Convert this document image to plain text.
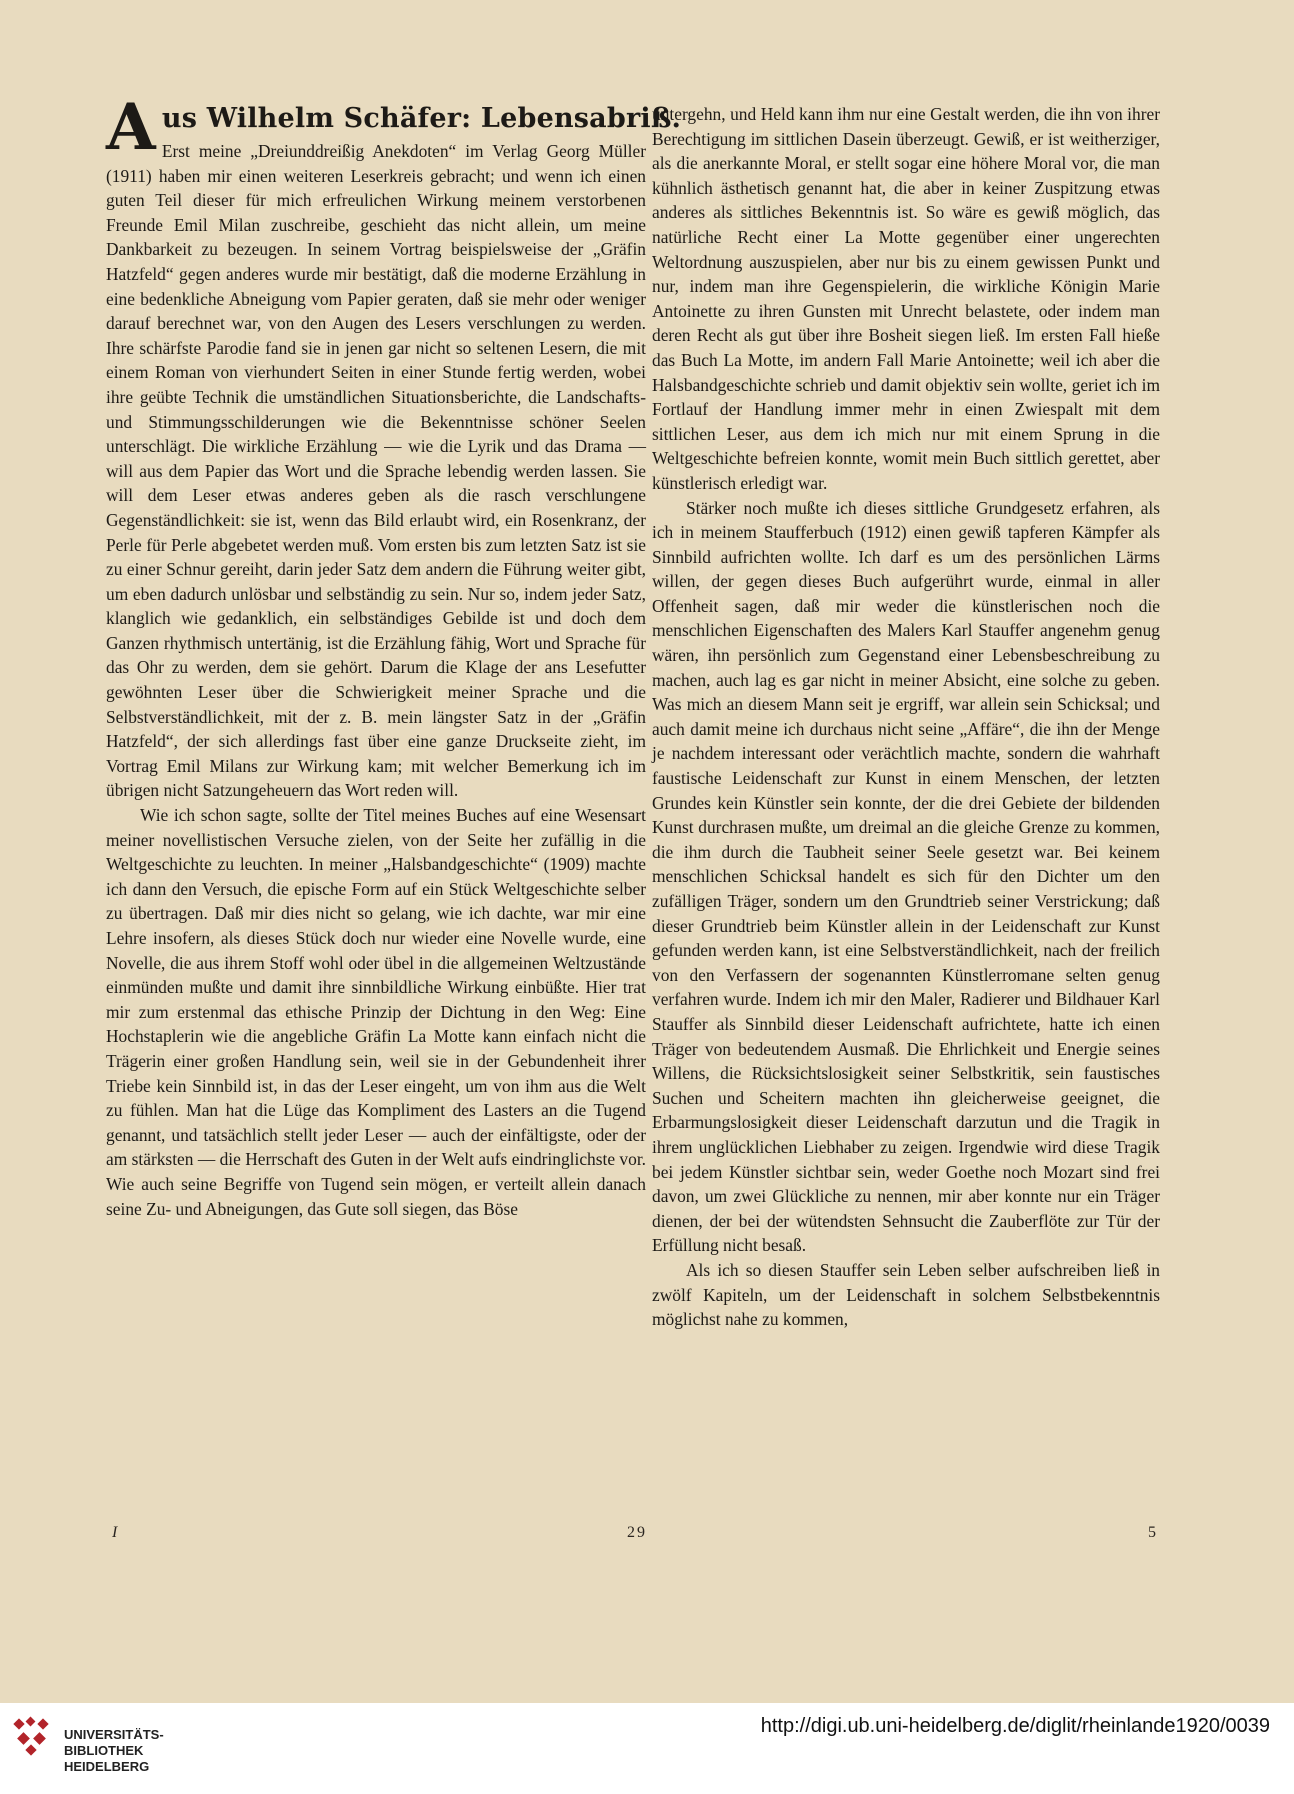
Aus Wilhelm Schäfer: Lebensabriß.

Erst meine „Dreiunddreißig Anekdoten“ im Verlag Georg Müller (1911) haben mir einen weiteren Leserkreis gebracht; und wenn ich einen guten Teil dieser für mich erfreulichen Wirkung meinem verstorbenen Freunde Emil Milan zuschreibe, geschieht das nicht allein, um meine Dankbarkeit zu bezeugen. In seinem Vortrag beispielsweise der „Gräfin Hatzfeld“ gegen anderes wurde mir bestätigt, daß die moderne Erzählung in eine bedenkliche Abneigung vom Papier geraten, daß sie mehr oder weniger darauf berechnet war, von den Augen des Lesers verschlungen zu werden. Ihre schärfste Parodie fand sie in jenen gar nicht so seltenen Lesern, die mit einem Roman von vierhundert Seiten in einer Stunde fertig werden, wobei ihre geübte Technik die umständlichen Situationsberichte, die Landschafts- und Stimmungsschilderungen wie die Bekenntnisse schöner Seelen unterschlägt. Die wirkliche Erzählung — wie die Lyrik und das Drama — will aus dem Papier das Wort und die Sprache lebendig werden lassen. Sie will dem Leser etwas anderes geben als die rasch verschlungene Gegenständlichkeit: sie ist, wenn das Bild erlaubt wird, ein Rosenkranz, der Perle für Perle abgebetet werden muß. Vom ersten bis zum letzten Satz ist sie zu einer Schnur gereiht, darin jeder Satz dem andern die Führung weiter gibt, um eben dadurch unlösbar und selbständig zu sein. Nur so, indem jeder Satz, klanglich wie gedanklich, ein selbständiges Gebilde ist und doch dem Ganzen rhythmisch untertänig, ist die Erzählung fähig, Wort und Sprache für das Ohr zu werden, dem sie gehört. Darum die Klage der ans Lesefutter gewöhnten Leser über die Schwierigkeit meiner Sprache und die Selbstverständlichkeit, mit der z. B. mein längster Satz in der „Gräfin Hatzfeld“, der sich allerdings fast über eine ganze Druckseite zieht, im Vortrag Emil Milans zur Wirkung kam; mit welcher Bemerkung ich im übrigen nicht Satzungeheuern das Wort reden will.

Wie ich schon sagte, sollte der Titel meines Buches auf eine Wesensart meiner novellistischen Versuche zielen, von der Seite her zufällig in die Weltgeschichte zu leuchten. In meiner „Halsbandgeschichte“ (1909) machte ich dann den Versuch, die epische Form auf ein Stück Weltgeschichte selber zu übertragen. Daß mir dies nicht so gelang, wie ich dachte, war mir eine Lehre insofern, als dieses Stück doch nur wieder eine Novelle wurde, eine Novelle, die aus ihrem Stoff wohl oder übel in die allgemeinen Weltzustände einmünden mußte und damit ihre sinnbildliche Wirkung einbüßte. Hier trat mir zum erstenmal das ethische Prinzip der Dichtung in den Weg: Eine Hochstaplerin wie die angebliche Gräfin La Motte kann einfach nicht die Trägerin einer großen Handlung sein, weil sie in der Gebundenheit ihrer Triebe kein Sinnbild ist, in das der Leser eingeht, um von ihm aus die Welt zu fühlen. Man hat die Lüge das Kompliment des Lasters an die Tugend genannt, und tatsächlich stellt jeder Leser — auch der einfältigste, oder der am stärksten — die Herrschaft des Guten in der Welt aufs eindringlichste vor. Wie auch seine Begriffe von Tugend sein mögen, er verteilt allein danach seine Zu- und Abneigungen, das Gute soll siegen, das Böse

untergehn, und Held kann ihm nur eine Gestalt werden, die ihn von ihrer Berechtigung im sittlichen Dasein überzeugt. Gewiß, er ist weitherziger, als die anerkannte Moral, er stellt sogar eine höhere Moral vor, die man kühnlich ästhetisch genannt hat, die aber in keiner Zuspitzung etwas anderes als sittliches Bekenntnis ist. So wäre es gewiß möglich, das natürliche Recht einer La Motte gegenüber einer ungerechten Weltordnung auszuspielen, aber nur bis zu einem gewissen Punkt und nur, indem man ihre Gegenspielerin, die wirkliche Königin Marie Antoinette zu ihren Gunsten mit Unrecht belastete, oder indem man deren Recht als gut über ihre Bosheit siegen ließ. Im ersten Fall hieße das Buch La Motte, im andern Fall Marie Antoinette; weil ich aber die Halsbandgeschichte schrieb und damit objektiv sein wollte, geriet ich im Fortlauf der Handlung immer mehr in einen Zwiespalt mit dem sittlichen Leser, aus dem ich mich nur mit einem Sprung in die Weltgeschichte befreien konnte, womit mein Buch sittlich gerettet, aber künstlerisch erledigt war.

Stärker noch mußte ich dieses sittliche Grundgesetz erfahren, als ich in meinem Staufferbuch (1912) einen gewiß tapferen Kämpfer als Sinnbild aufrichten wollte. Ich darf es um des persönlichen Lärms willen, der gegen dieses Buch aufgerührt wurde, einmal in aller Offenheit sagen, daß mir weder die künstlerischen noch die menschlichen Eigenschaften des Malers Karl Stauffer angenehm genug wären, ihn persönlich zum Gegenstand einer Lebensbeschreibung zu machen, auch lag es gar nicht in meiner Absicht, eine solche zu geben. Was mich an diesem Mann seit je ergriff, war allein sein Schicksal; und auch damit meine ich durchaus nicht seine „Affäre“, die ihn der Menge je nachdem interessant oder verächtlich machte, sondern die wahrhaft faustische Leidenschaft zur Kunst in einem Menschen, der letzten Grundes kein Künstler sein konnte, der die drei Gebiete der bildenden Kunst durchrasen mußte, um dreimal an die gleiche Grenze zu kommen, die ihm durch die Taubheit seiner Seele gesetzt war. Bei keinem menschlichen Schicksal handelt es sich für den Dichter um den zufälligen Träger, sondern um den Grundtrieb seiner Verstrickung; daß dieser Grundtrieb beim Künstler allein in der Leidenschaft zur Kunst gefunden werden kann, ist eine Selbstverständlichkeit, nach der freilich von den Verfassern der sogenannten Künstlerromane selten genug verfahren wurde. Indem ich mir den Maler, Radierer und Bildhauer Karl Stauffer als Sinnbild dieser Leidenschaft aufrichtete, hatte ich einen Träger von bedeutendem Ausmaß. Die Ehrlichkeit und Energie seines Willens, die Rücksichtslosigkeit seiner Selbstkritik, sein faustisches Suchen und Scheitern machten ihn gleicherweise geeignet, die Erbarmungslosigkeit dieser Leidenschaft darzutun und die Tragik in ihrem unglücklichen Liebhaber zu zeigen. Irgendwie wird diese Tragik bei jedem Künstler sichtbar sein, weder Goethe noch Mozart sind frei davon, um zwei Glückliche zu nennen, mir aber konnte nur ein Träger dienen, der bei der wütendsten Sehnsucht die Zauberflöte zur Tür der Erfüllung nicht besaß.

Als ich so diesen Stauffer sein Leben selber aufschreiben ließ in zwölf Kapiteln, um der Leidenschaft in solchem Selbstbekenntnis möglichst nahe zu kommen,

I	29	5
UNIVERSITÄTS-
BIBLIOTHEK
HEIDELBERG
http://digi.ub.uni-heidelberg.de/diglit/rheinlande1920/0039
